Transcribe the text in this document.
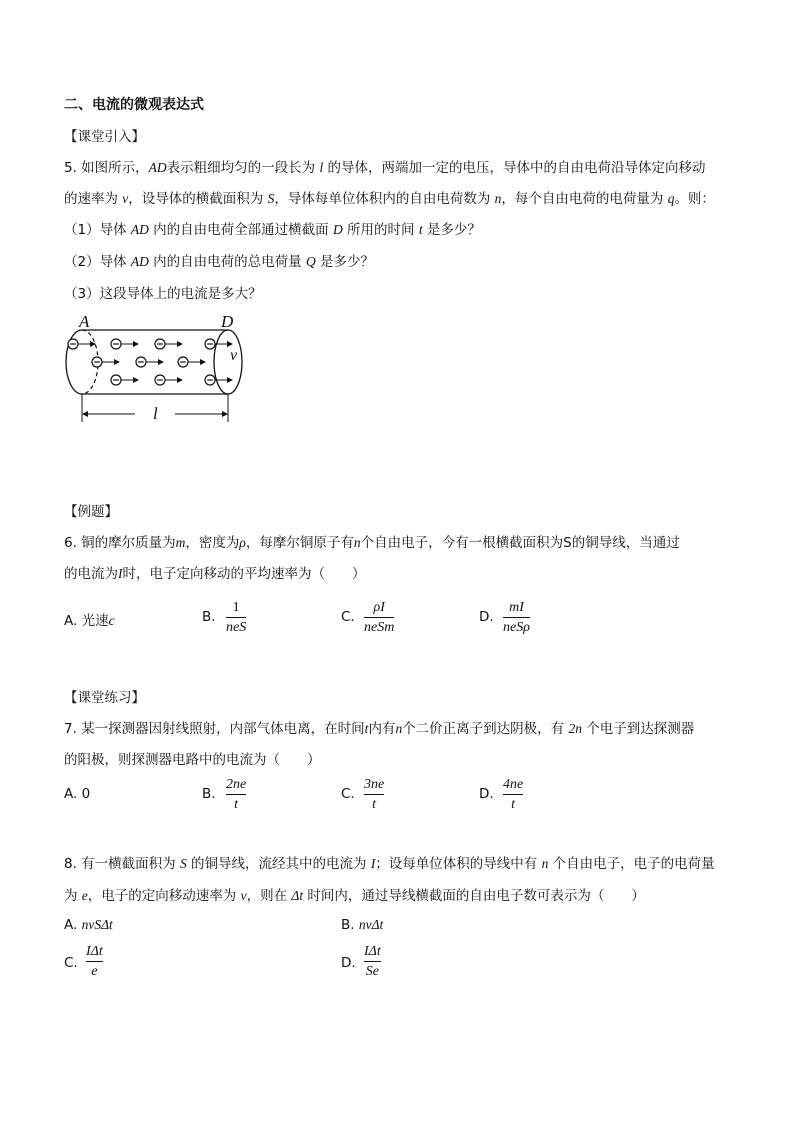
二、电流的微观表达式
【课堂引入】
5. 如图所示，AD表示粗细均匀的一段长为 l 的导体，两端加一定的电压，导体中的自由电荷沿导体定向移动
的速率为 v，设导体的横截面积为 S，导体每单位体积内的自由电荷数为 n，每个自由电荷的电荷量为 q。则：
（1）导体 AD 内的自由电荷全部通过横截面 D 所用的时间 t 是多少？
（2）导体 AD 内的自由电荷的总电荷量 Q 是多少？
（3）这段导体上的电流是多大？
A	D
v
l
【例题】
6. 铜的摩尔质量为m，密度为ρ，每摩尔铜原子有n个自由电子，今有一根横截面积为S的铜导线，当通过
的电流为I时，电子定向移动的平均速率为（　　）
A. 光速c	B.
1
neS
C.
ρI
neSm
D.
mI
neSρ
【课堂练习】
7. 某一探测器因射线照射，内部气体电离，在时间t内有n个二价正离子到达阴极，有 2n 个电子到达探测器
的阳极，则探测器电路中的电流为（　　）
A. 0	B.
2ne
t
C.
3ne
t
D.
4ne
t
8. 有一横截面积为 S 的铜导线，流经其中的电流为 I；设每单位体积的导线中有 n 个自由电子，电子的电荷量
为 e，电子的定向移动速率为 v，则在 Δt 时间内，通过导线横截面的自由电子数可表示为（　　）
A. nvSΔt	B. nvΔt
C.
IΔt
e
D.
IΔt
Se
